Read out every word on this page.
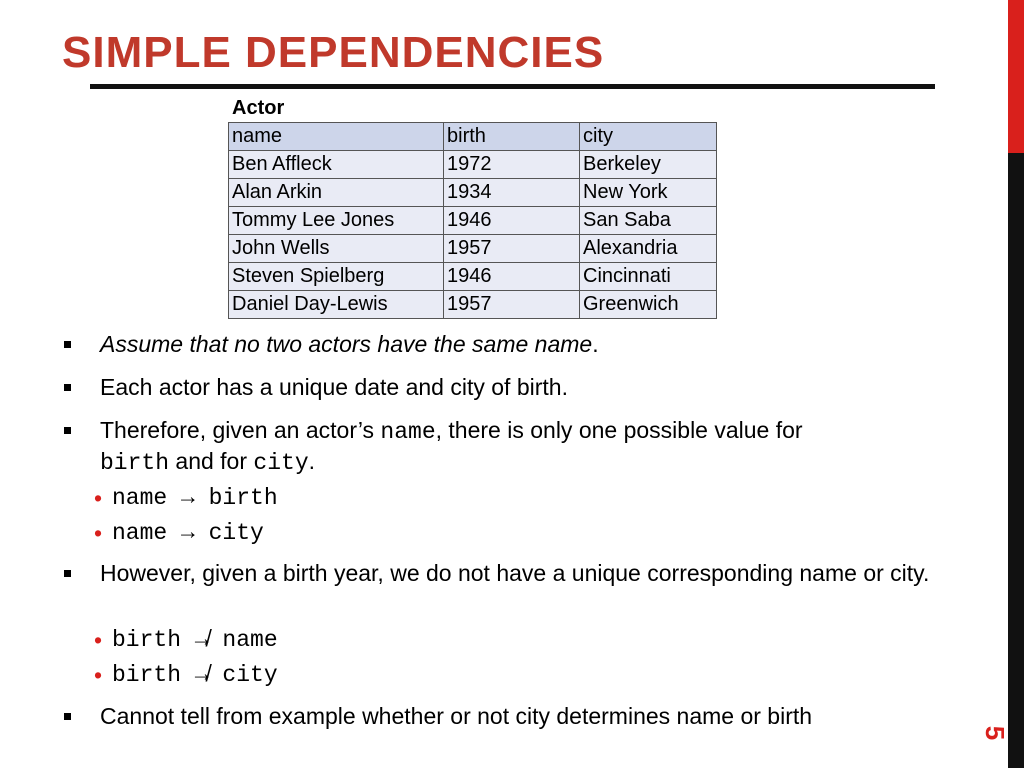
SIMPLE DEPENDENCIES
5
Actor
name	birth	city
Ben Affleck	1972	Berkeley
Alan Arkin	1934	New York
Tommy Lee Jones	1946	San Saba
John Wells	1957	Alexandria
Steven Spielberg	1946	Cincinnati
Daniel Day-Lewis	1957	Greenwich
Assume that no two actors have the same name.
Each actor has a unique date and city of birth.
Therefore, given an actor’s name, there is only one possible value for
birth and for city.
• name → birth
• name → city
However, given a birth year, we do not have a unique corresponding name or city.
• birth ↛ name
• birth ↛ city
Cannot tell from example whether or not city determines name or birth
